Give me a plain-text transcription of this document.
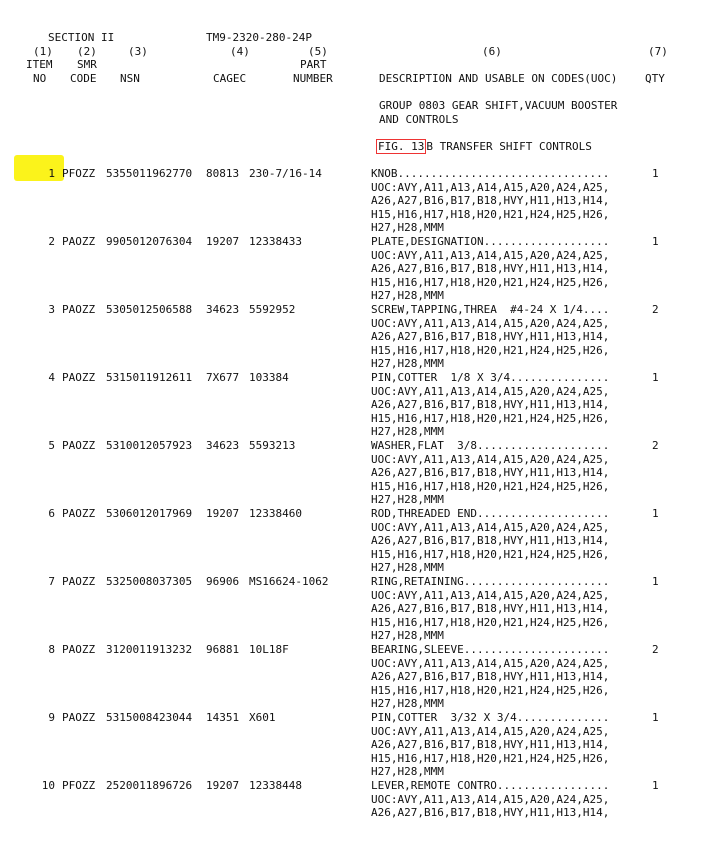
SECTION II	TM9-2320-280-24P
(1) (2)	(3)	(4)	(5)	(6)	(7)
ITEM SMR	PART
NO CODE NSN	CAGEC	NUMBER	DESCRIPTION AND USABLE ON CODES(UOC)	QTY
GROUP 0803 GEAR SHIFT,VACUUM BOOSTER
AND CONTROLS
FIG. 13 B TRANSFER SHIFT CONTROLS
1 PFOZZ 5355011962770 80813 230-7/16-14	KNOB................................	1
UOC:AVY,A11,A13,A14,A15,A20,A24,A25,
A26,A27,B16,B17,B18,HVY,H11,H13,H14,
H15,H16,H17,H18,H20,H21,H24,H25,H26,
H27,H28,MMM
2 PAOZZ 9905012076304 19207 12338433	PLATE,DESIGNATION...................	1
UOC:AVY,A11,A13,A14,A15,A20,A24,A25,
A26,A27,B16,B17,B18,HVY,H11,H13,H14,
H15,H16,H17,H18,H20,H21,H24,H25,H26,
H27,H28,MMM
3 PAOZZ 5305012506588 34623 5592952	SCREW,TAPPING,THREA  #4-24 X 1/4....	2
UOC:AVY,A11,A13,A14,A15,A20,A24,A25,
A26,A27,B16,B17,B18,HVY,H11,H13,H14,
H15,H16,H17,H18,H20,H21,H24,H25,H26,
H27,H28,MMM
4 PAOZZ 5315011912611 7X677 103384	PIN,COTTER  1/8 X 3/4...............	1
UOC:AVY,A11,A13,A14,A15,A20,A24,A25,
A26,A27,B16,B17,B18,HVY,H11,H13,H14,
H15,H16,H17,H18,H20,H21,H24,H25,H26,
H27,H28,MMM
5 PAOZZ 5310012057923 34623 5593213	WASHER,FLAT  3/8....................	2
UOC:AVY,A11,A13,A14,A15,A20,A24,A25,
A26,A27,B16,B17,B18,HVY,H11,H13,H14,
H15,H16,H17,H18,H20,H21,H24,H25,H26,
H27,H28,MMM
6 PAOZZ 5306012017969 19207 12338460	ROD,THREADED END....................	1
UOC:AVY,A11,A13,A14,A15,A20,A24,A25,
A26,A27,B16,B17,B18,HVY,H11,H13,H14,
H15,H16,H17,H18,H20,H21,H24,H25,H26,
H27,H28,MMM
7 PAOZZ 5325008037305 96906 MS16624-1062	RING,RETAINING......................	1
UOC:AVY,A11,A13,A14,A15,A20,A24,A25,
A26,A27,B16,B17,B18,HVY,H11,H13,H14,
H15,H16,H17,H18,H20,H21,H24,H25,H26,
H27,H28,MMM
8 PAOZZ 3120011913232 96881 10L18F	BEARING,SLEEVE......................	2
UOC:AVY,A11,A13,A14,A15,A20,A24,A25,
A26,A27,B16,B17,B18,HVY,H11,H13,H14,
H15,H16,H17,H18,H20,H21,H24,H25,H26,
H27,H28,MMM
9 PAOZZ 5315008423044 14351 X601	PIN,COTTER  3/32 X 3/4..............	1
UOC:AVY,A11,A13,A14,A15,A20,A24,A25,
A26,A27,B16,B17,B18,HVY,H11,H13,H14,
H15,H16,H17,H18,H20,H21,H24,H25,H26,
H27,H28,MMM
10 PFOZZ 2520011896726 19207 12338448	LEVER,REMOTE CONTRO.................	1
UOC:AVY,A11,A13,A14,A15,A20,A24,A25,
A26,A27,B16,B17,B18,HVY,H11,H13,H14,
